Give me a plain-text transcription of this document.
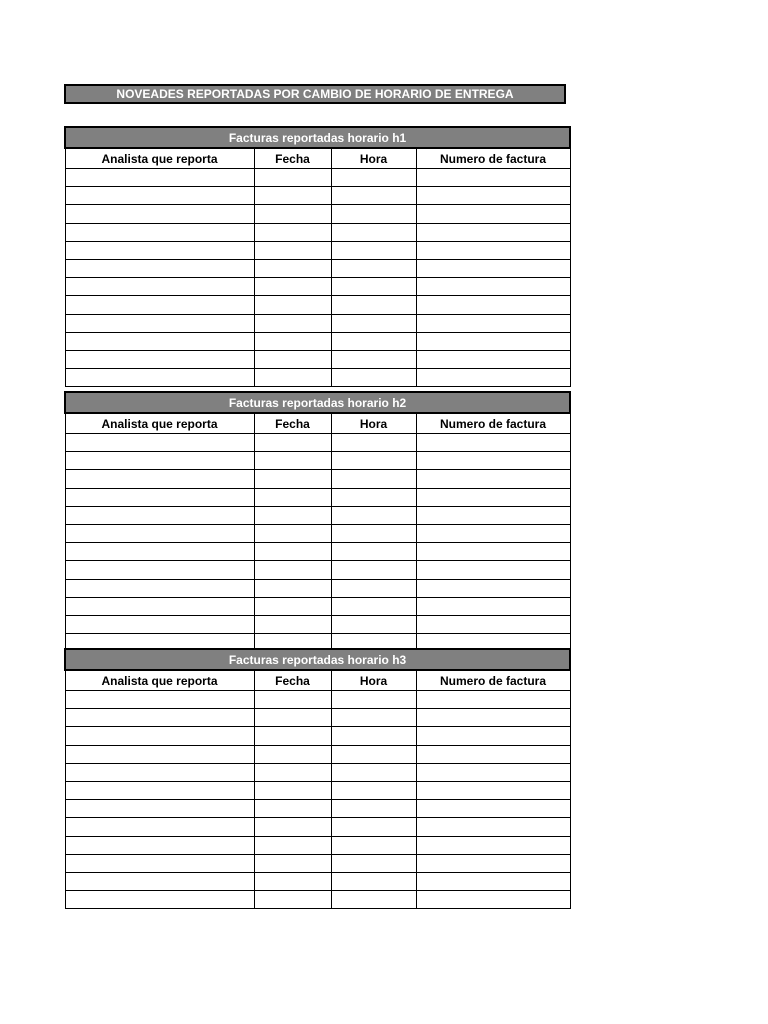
NOVEADES REPORTADAS POR CAMBIO DE HORARIO DE ENTREGA
Facturas reportadas horario h1			
Analista que reporta	Fecha	Hora	Numero de factura

Facturas reportadas horario h2			
Analista que reporta	Fecha	Hora	Numero de factura

Facturas reportadas horario h3			
Analista que reporta	Fecha	Hora	Numero de factura
